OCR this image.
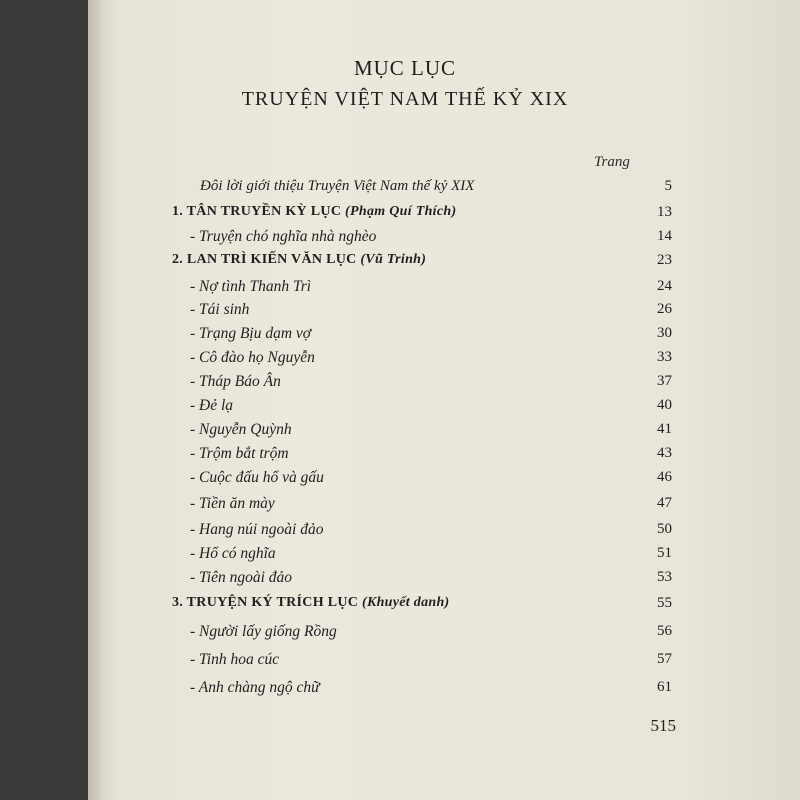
MỤC LỤC
TRUYỆN VIỆT NAM THẾ KỶ XIX
Trang
Đôi lời giới thiệu Truyện Việt Nam thế kỷ XIX	5
1. TÂN TRUYỀN KỲ LỤC (Phạm Quí Thích)	13
- Truyện chó nghĩa nhà nghèo	14
2. LAN TRÌ KIẾN VĂN LỤC (Vũ Trinh)	23
- Nợ tình Thanh Trì	24
- Tái sinh	26
- Trạng Bịu dạm vợ	30
- Cô đào họ Nguyễn	33
- Tháp Báo Ân	37
- Đẻ lạ	40
- Nguyễn Quỳnh	41
- Trộm bắt trộm	43
- Cuộc đấu hổ và gấu	46
- Tiền ăn mày	47
- Hang núi ngoài đảo	50
- Hổ có nghĩa	51
- Tiên ngoài đảo	53
3. TRUYỆN KÝ TRÍCH LỤC (Khuyết danh)	55
- Người lấy giống Rồng	56
- Tinh hoa cúc	57
- Anh chàng ngộ chữ	61
515
